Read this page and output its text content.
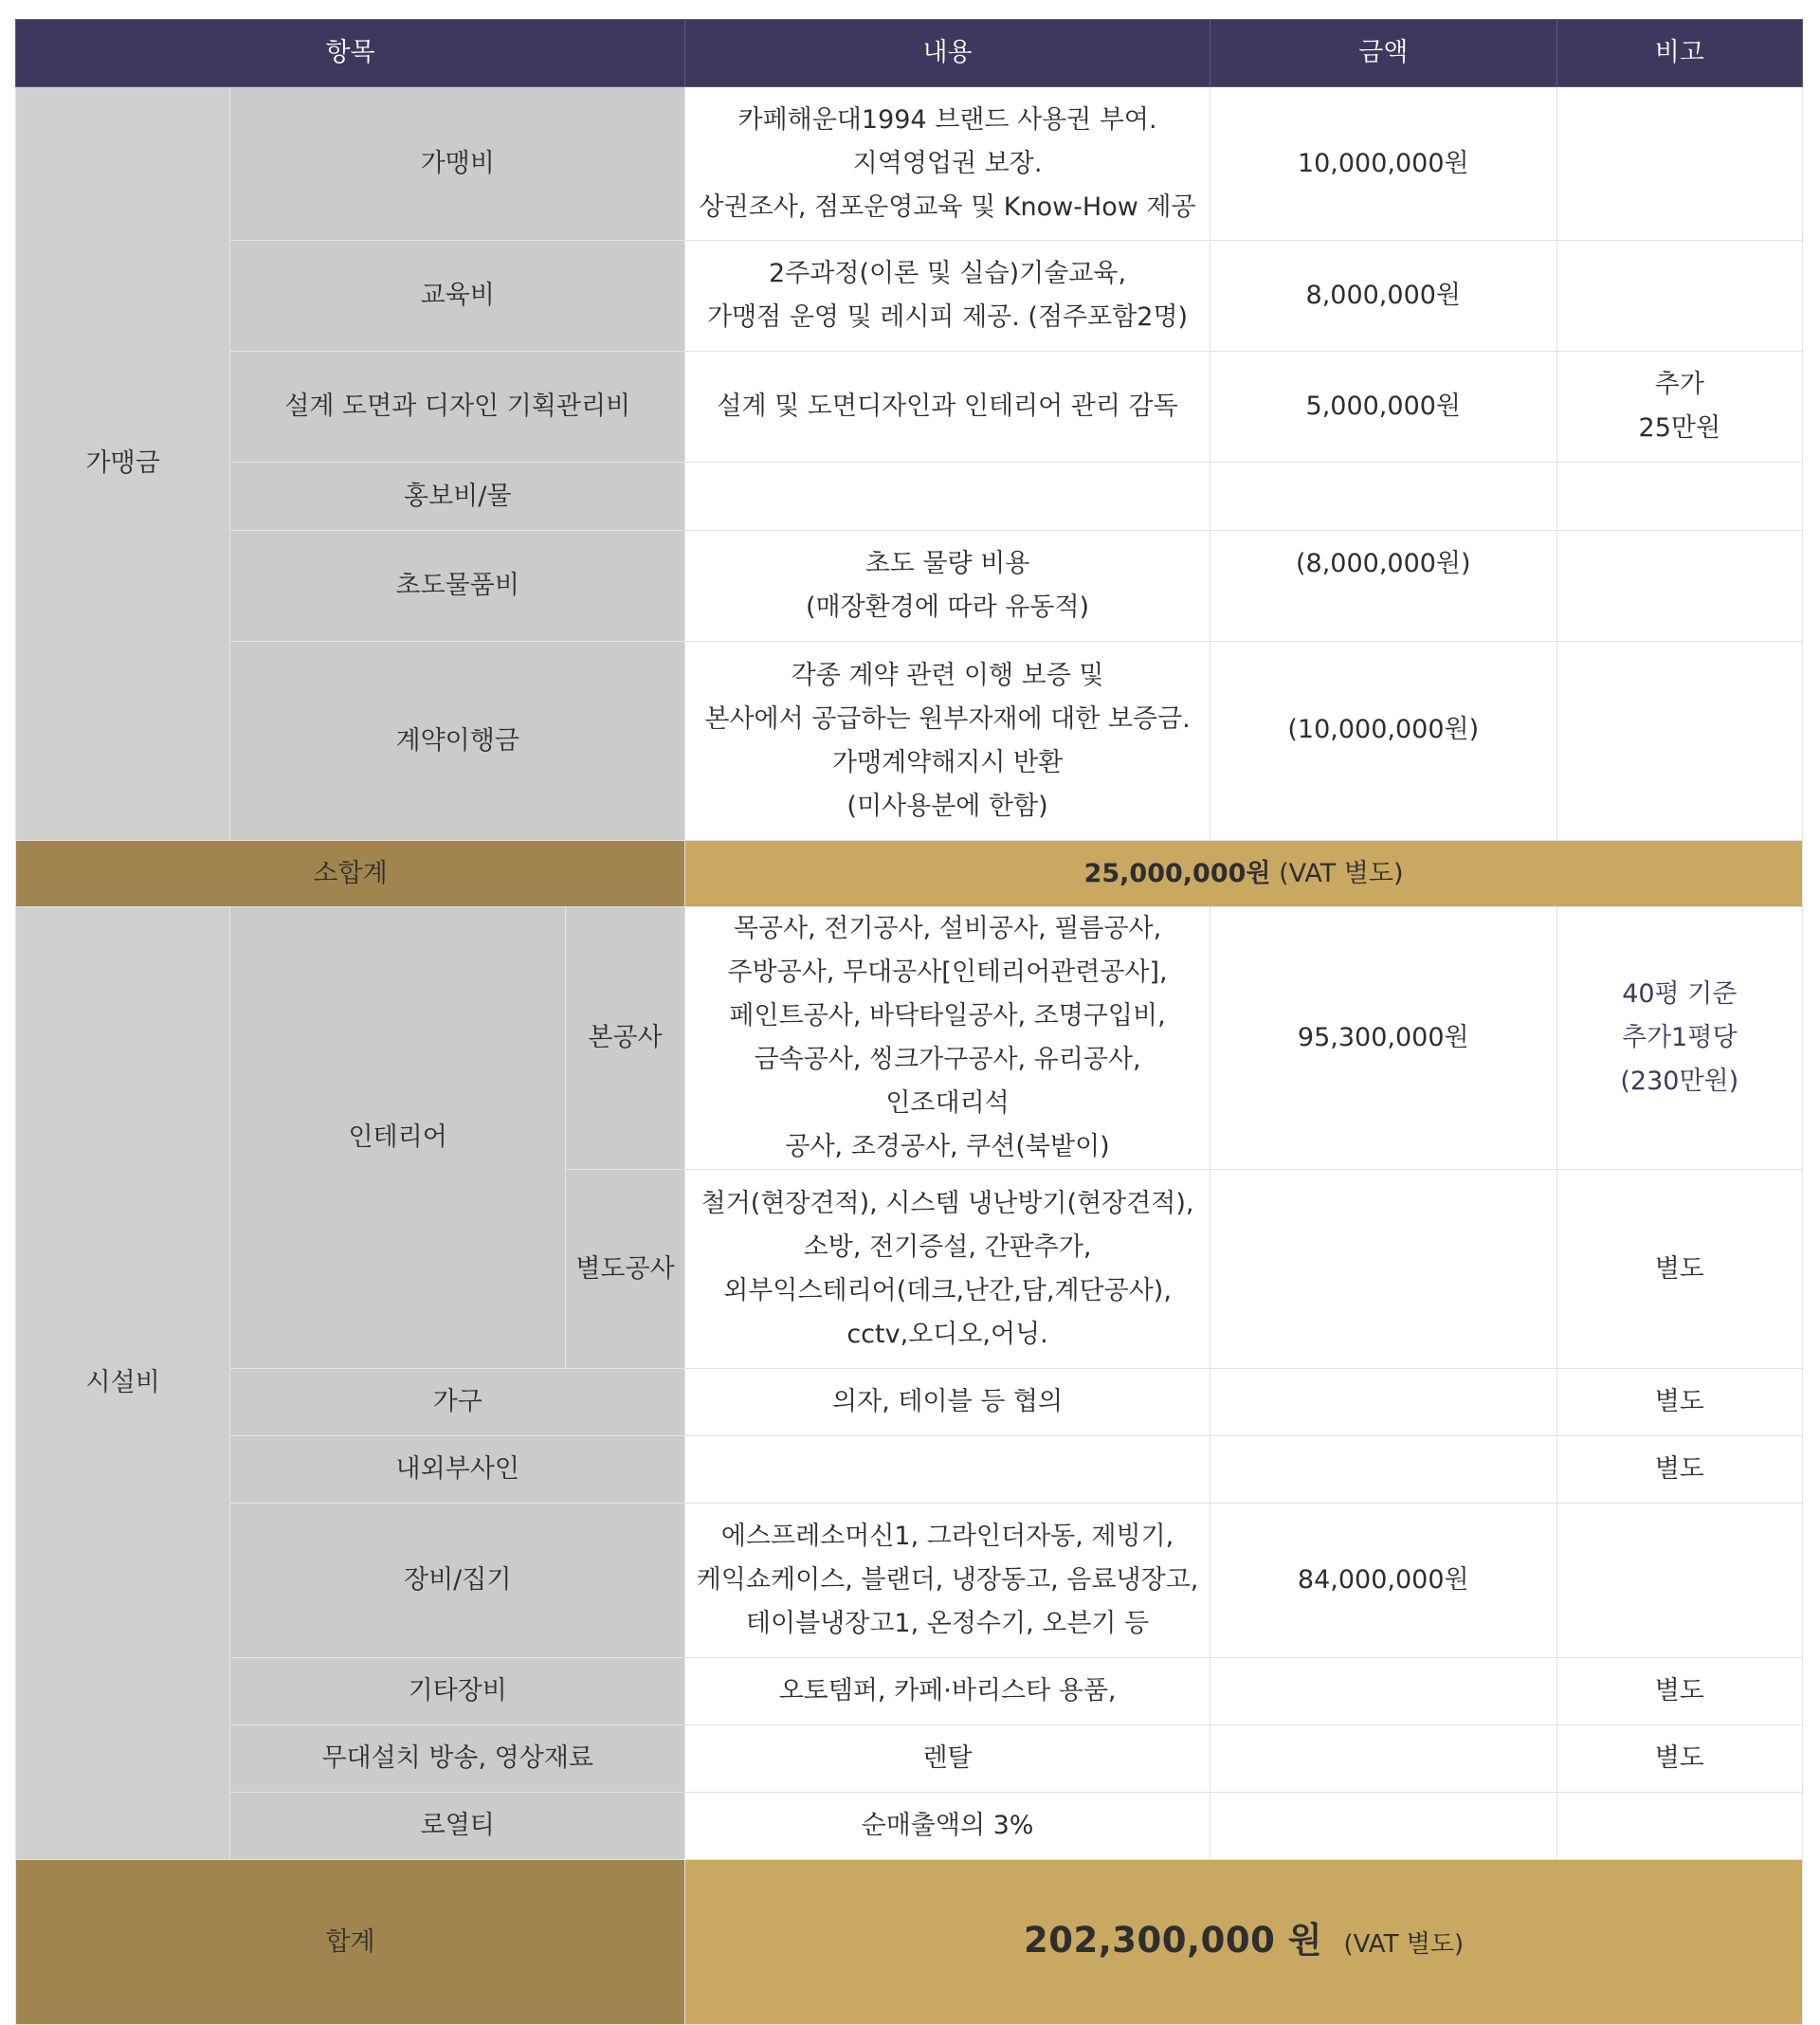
항목			내용	금액	비고
가맹금	가맹비		카페해운대1994 브랜드 사용권 부여.
지역영업권 보장.
상권조사, 점포운영교육 및 Know-How 제공	10,000,000원	
	교육비		2주과정(이론 및 실습)기술교육,
가맹점 운영 및 레시피 제공. (점주포함2명)	8,000,000원	
	설계 도면과 디자인 기획관리비		설계 및 도면디자인과 인테리어 관리 감독	5,000,000원	추가
25만원

	홍보비/물				
	초도물품비		초도 물량 비용
(매장환경에 따라 유동적)	(8,000,000원)	
	계약이행금		각종 계약 관련 이행 보증 및
본사에서 공급하는 원부자재에 대한 보증금.
가맹계약해지시 반환
(미사용분에 한함)	(10,000,000원)	
소합계			25,000,000원 (VAT 별도)		
시설비	인테리어	본공사	목공사, 전기공사, 설비공사, 필름공사,
주방공사, 무대공사[인테리어관련공사],
페인트공사, 바닥타일공사, 조명구입비,
금속공사, 씽크가구공사, 유리공사, 인조대리석
공사, 조경공사, 쿠션(북밭이)	95,300,000원	40평 기준
추가1평당
(230만원)

		별도공사	철거(현장견적), 시스템 냉난방기(현장견적),
소방, 전기증설, 간판추가,
외부익스테리어(데크,난간,담,계단공사),
cctv,오디오,어닝.		별도
	가구		의자, 테이블 등 협의		별도
	내외부사인				별도
	장비/집기		에스프레소머신1, 그라인더자동, 제빙기,
케익쇼케이스, 블랜더, 냉장동고, 음료냉장고,
테이블냉장고1, 온정수기, 오븐기 등	84,000,000원	
	기타장비		오토템퍼, 카페·바리스타 용품,		별도
	무대설치 방송, 영상재료		렌탈		별도
	로열티		순매출액의 3%		
합계			202,300,000 원 (VAT 별도)		
